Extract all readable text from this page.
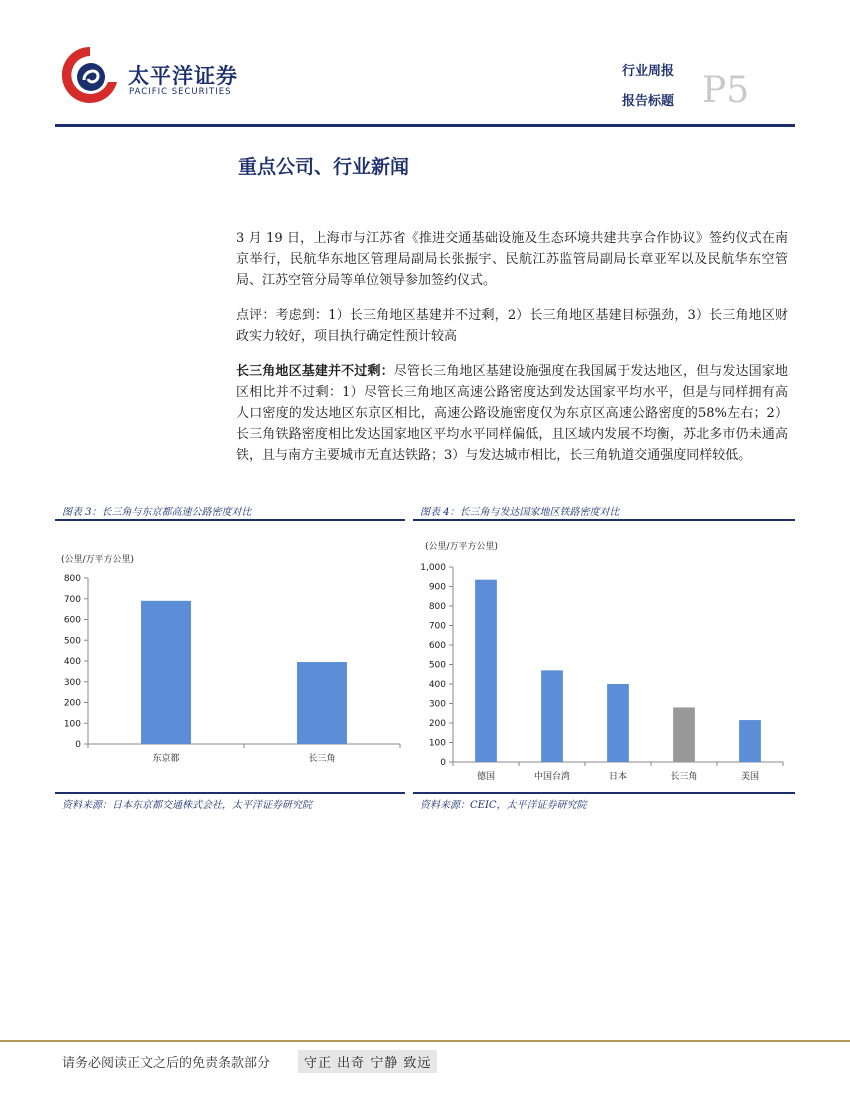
太平洋证券
PACIFIC SECURITIES
行业周报
报告标题 P5
重点公司、行业新闻
3 月 19 日，上海市与江苏省《推进交通基础设施及生态环境共建共享合作协议》签约仪式在南京举行，民航华东地区管理局副局长张振宇、民航江苏监管局副局长章亚军以及民航华东空管局、江苏空管分局等单位领导参加签约仪式。
点评：考虑到：1）长三角地区基建并不过剩，2）长三角地区基建目标强劲，3）长三角地区财政实力较好，项目执行确定性预计较高
长三角地区基建并不过剩：尽管长三角地区基建设施强度在我国属于发达地区，但与发达国家地区相比并不过剩：1）尽管长三角地区高速公路密度达到发达国家平均水平，但是与同样拥有高人口密度的发达地区东京区相比，高速公路设施密度仅为东京区高速公路密度的58%左右；2）长三角铁路密度相比发达国家地区平均水平同样偏低，且区域内发展不均衡，苏北多市仍未通高铁，且与南方主要城市无直达铁路；3）与发达城市相比，长三角轨道交通强度同样较低。
图表 3：长三角与东京都高速公路密度对比
(公里/万平方公里)
0
100
200
300
400
500
600
700
800
东京都	长三角
资料来源：日本东京都交通株式会社，太平洋证券研究院
图表 4：长三角与发达国家地区铁路密度对比
(公里/万平方公里)
0
100
200
300
400
500
600
700
800
900
1,000
德国	中国台湾	日本	长三角	美国
资料来源：CEIC，太平洋证券研究院
请务必阅读正文之后的免责条款部分	守正 出奇 宁静 致远
